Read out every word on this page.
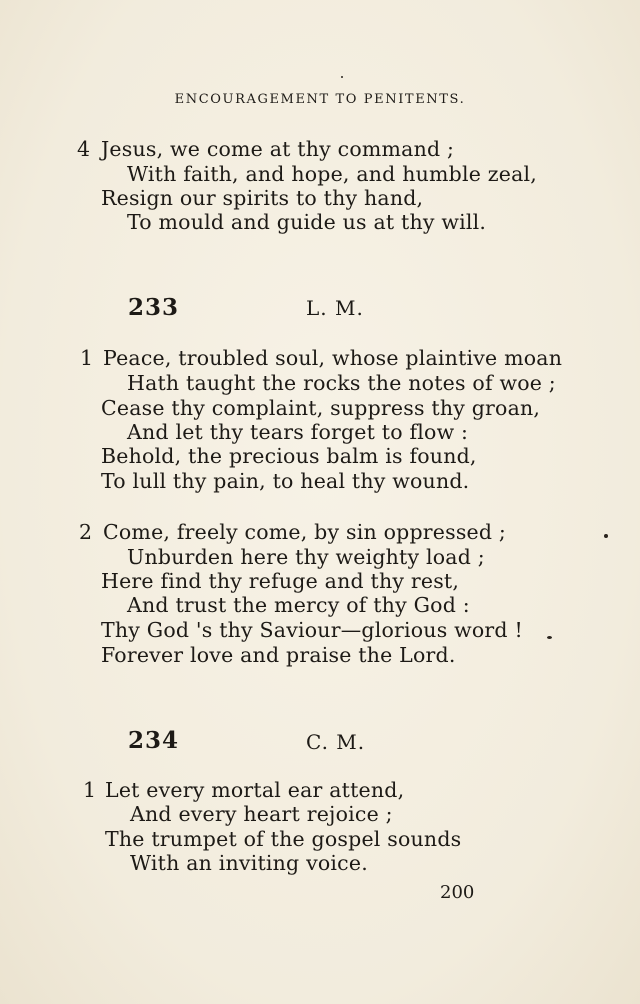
ENCOURAGEMENT TO PENITENTS.
4 Jesus, we come at thy command ;
With faith, and hope, and humble zeal,
Resign our spirits to thy hand,
To mould and guide us at thy will.
233	L. M.
1 Peace, troubled soul, whose plaintive moan
Hath taught the rocks the notes of woe ;
Cease thy complaint, suppress thy groan,
And let thy tears forget to flow :
Behold, the precious balm is found,
To lull thy pain, to heal thy wound.
2 Come, freely come, by sin oppressed ;
Unburden here thy weighty load ;
Here find thy refuge and thy rest,
And trust the mercy of thy God :
Thy God 's thy Saviour—glorious word !
Forever love and praise the Lord.
234	C. M.
1 Let every mortal ear attend,
And every heart rejoice ;
The trumpet of the gospel sounds
With an inviting voice.
200
